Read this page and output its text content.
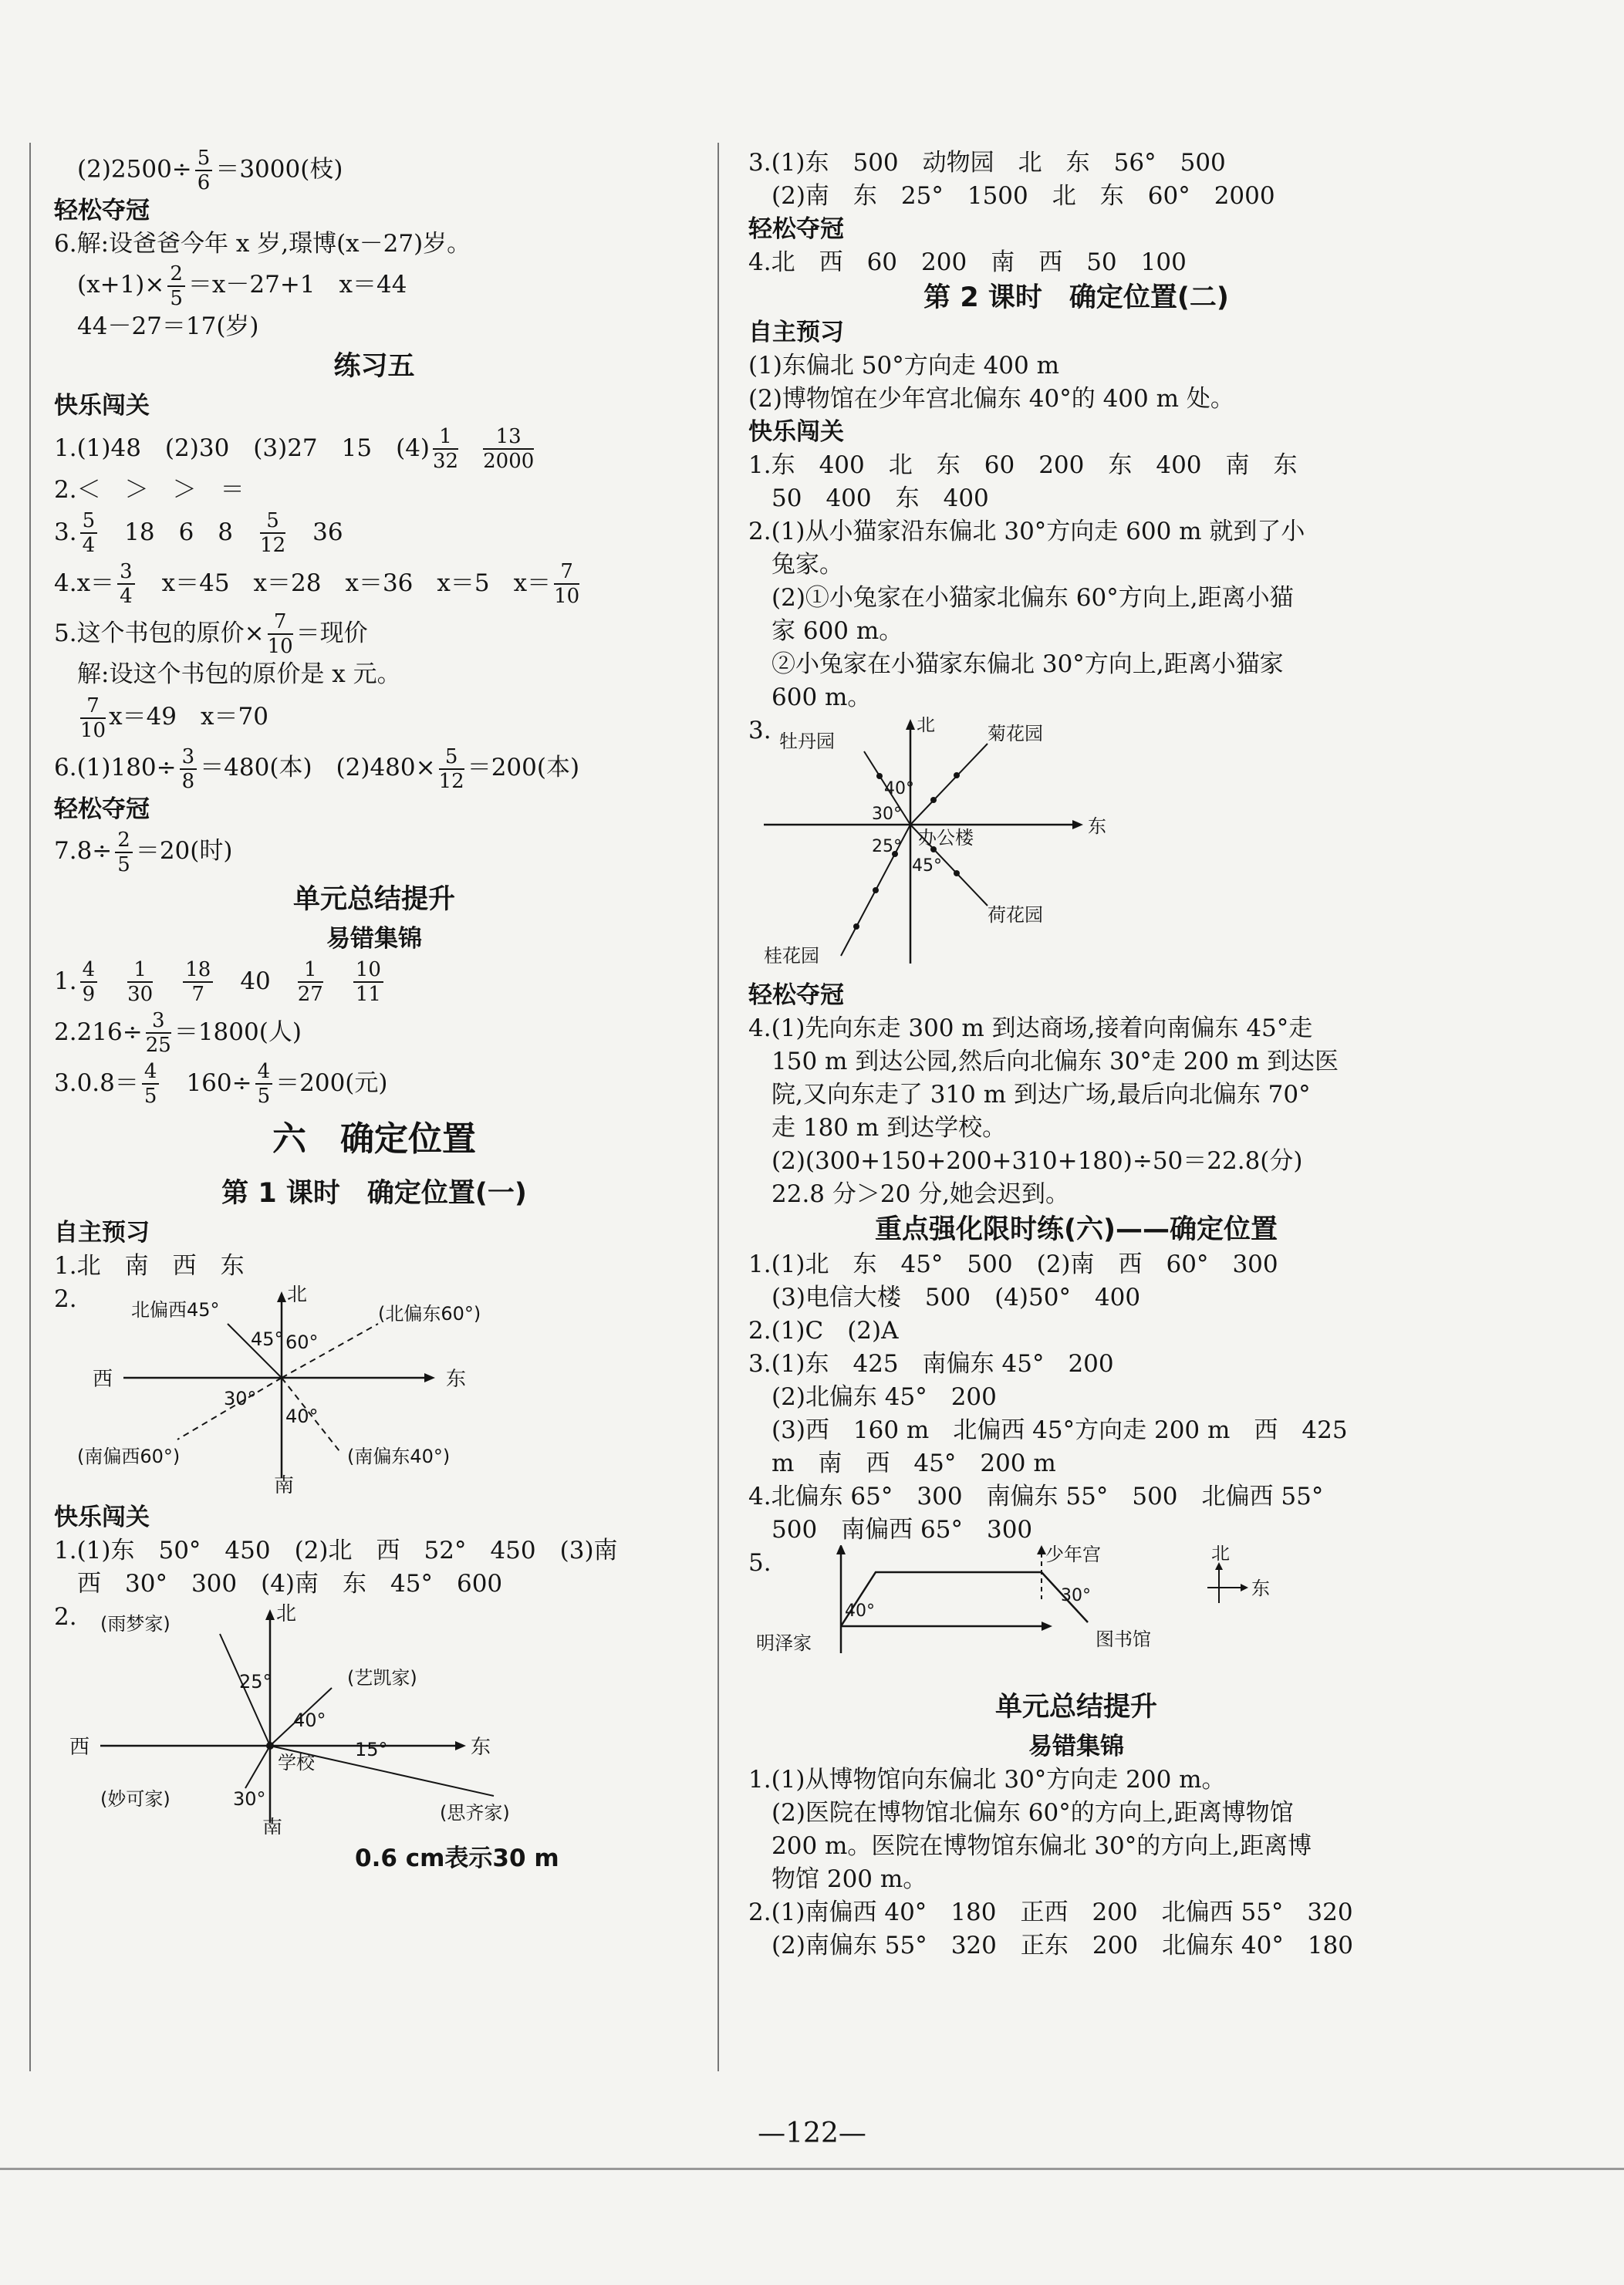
$(2)2500\div \frac{5}{6} =3000$(枝)
轻松夺冠
6.解:设爸爸今年 x 岁,璟博(x－27)岁。
$(x+1)\times \frac{2}{5} =x-27+1$　x＝44
44－27＝17(岁)
练习五
快乐闯关
1.(1)48　(2)30　(3)27　15　$(4) \frac{1}{32} \frac{13}{2000}$
2.＜　＞　＞　＝
3. $\frac{5}{4}$
　 18　6　8　 $\frac{5}{12}$
　 36
$4.x= \frac{3}{4}$
　 x＝45　x＝28　x＝36　x＝5　$x= \frac{7}{10}$
5.这个书包的原价× $\frac{7}{10}$ ＝现价
解:设这个书包的原价是 x 元。
$\frac{7}{10} x=49$　x＝70
$6.(1)180\div \frac{3}{8} =480$(本)　$(2)480\times \frac{5}{12} =200$(本)
轻松夺冠
$7.8\div \frac{2}{5} =20$(时)
单元总结提升
易错集锦
1. $\frac{4}{9}$
　 $\frac{1}{30}$
　 $\frac{18}{7}$
　 40　 $\frac{1}{27}$
　 $\frac{10}{11}$
$2.216\div \frac{3}{25} =1800$(人)
$3.0.8= \frac{4}{5}$
　 $160\div \frac{4}{5} =200$(元)
六　确定位置
第 1 课时　确定位置(一)
自主预习
1.北　南　西　东
2.	北
南
西	东
北偏西45°	(北偏东60°)
(南偏西60°)	(南偏东40°)
45° 60°
30°
40°
快乐闯关
1.(1)东　50°　450　(2)北　西　52°　450　(3)南
西　30°　300　(4)南　东　45°　600
2.	北
南
西	东
(雨梦家)
(艺凯家)
(妙可家)
(思齐家)
学校
25°
40°
15°
30°
0.6 cm表示30 m
3.(1)东　500　动物园　北　东　56°　500
(2)南　东　25°　1500　北　东　60°　2000
轻松夺冠
4.北　西　60　200　南　西　50　100
第 2 课时　确定位置(二)
自主预习
(1)东偏北 50°方向走 400 m
(2)博物馆在少年宫北偏东 40°的 400 m 处。
快乐闯关
1.东　400　北　东　60　200　东　400　南　东
50　400　东　400
2.(1)从小猫家沿东偏北 30°方向走 600 m 就到了小
兔家。
(2)①小兔家在小猫家北偏东 60°方向上,距离小猫
家 600 m。
②小兔家在小猫家东偏北 30°方向上,距离小猫家
600 m。
3.	北
东
牡丹园	菊花园
办公楼
荷花园
桂花园
40°
30°
25°
45°
轻松夺冠
4.(1)先向东走 300 m 到达商场,接着向南偏东 45°走
150 m 到达公园,然后向北偏东 30°走 200 m 到达医
院,又向东走了 310 m 到达广场,最后向北偏东 70°
走 180 m 到达学校。
(2)(300+150+200+310+180)÷50＝22.8(分)
22.8 分＞20 分,她会迟到。
重点强化限时练(六)——确定位置
1.(1)北　东　45°　500　(2)南　西　60°　300
(3)电信大楼　500　(4)50°　400
2.(1)C　(2)A
3.(1)东　425　南偏东 45°　200
(2)北偏东 45°　200
(3)西　160 m　北偏西 45°方向走 200 m　西　425
m　南　西　45°　200 m
4.北偏东 65°　300　南偏东 55°　500　北偏西 55°
500　南偏西 65°　300
5.	少年宫
明泽家	图书馆
40°
30°
北
东
单元总结提升
易错集锦
1.(1)从博物馆向东偏北 30°方向走 200 m。
(2)医院在博物馆北偏东 60°的方向上,距离博物馆
200 m。医院在博物馆东偏北 30°的方向上,距离博
物馆 200 m。
2.(1)南偏西 40°　180　正西　200　北偏西 55°　320
(2)南偏东 55°　320　正东　200　北偏东 40°　180
—122—
